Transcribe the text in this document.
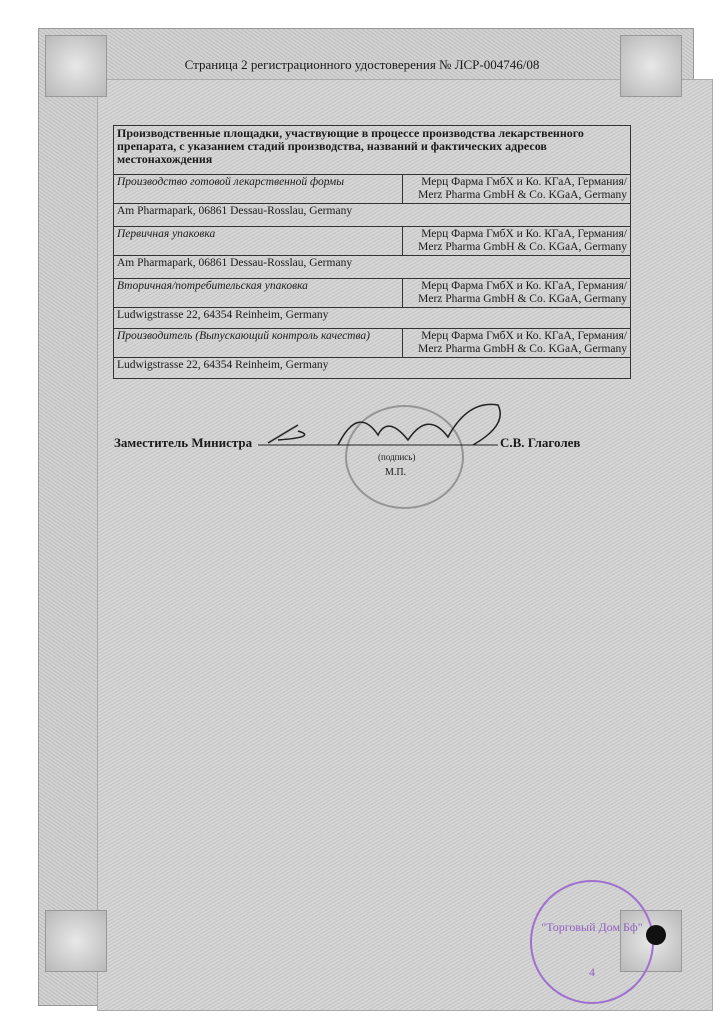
Страница 2 регистрационного удостоверения № ЛСР-004746/08
Производственные площадки, участвующие в процессе производства лекарственного препарата, с указанием стадий производства, названий и фактических адресов местонахождения	
Производство готовой лекарственной формы	Мерц Фарма ГмбХ и Ко. КГаА, Германия/ Merz Pharma GmbH & Co. KGaA, Germany
Am Pharmapark, 06861 Dessau-Rosslau, Germany	
Первичная упаковка	Мерц Фарма ГмбХ и Ко. КГаА, Германия/ Merz Pharma GmbH & Co. KGaA, Germany
Am Pharmapark, 06861 Dessau-Rosslau, Germany	
Вторичная/потребительская упаковка	Мерц Фарма ГмбХ и Ко. КГаА, Германия/ Merz Pharma GmbH & Co. KGaA, Germany
Ludwigstrasse 22, 64354 Reinheim, Germany	
Производитель (Выпускающий контроль качества)	Мерц Фарма ГмбХ и Ко. КГаА, Германия/ Merz Pharma GmbH & Co. KGaA, Germany
Ludwigstrasse 22, 64354 Reinheim, Germany	
Заместитель Министра	С.В. Глаголев
(подпись)
М.П.
"Торговый Дом Бф"
4
